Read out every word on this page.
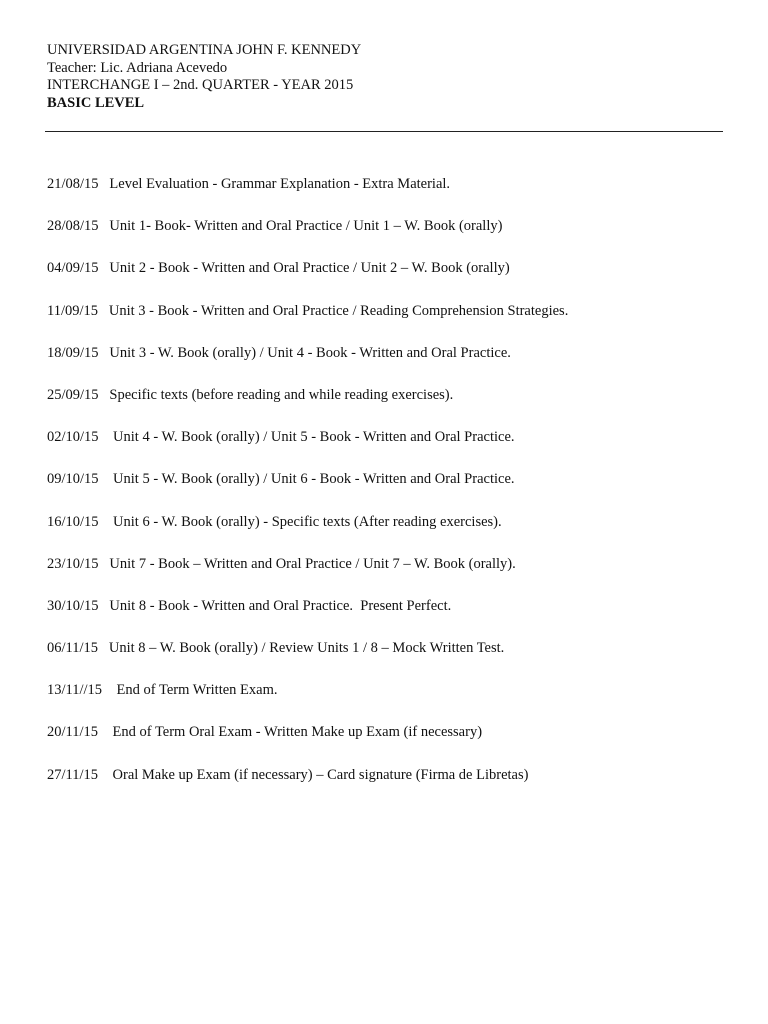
UNIVERSIDAD ARGENTINA JOHN F. KENNEDY
Teacher: Lic. Adriana Acevedo
INTERCHANGE I – 2nd. QUARTER - YEAR 2015
BASIC LEVEL
21/08/15   Level Evaluation - Grammar Explanation - Extra Material.
28/08/15   Unit 1- Book- Written and Oral Practice / Unit 1 – W. Book (orally)
04/09/15   Unit 2 - Book - Written and Oral Practice / Unit 2 – W. Book (orally)
11/09/15   Unit 3 - Book - Written and Oral Practice / Reading Comprehension Strategies.
18/09/15   Unit 3 - W. Book (orally) / Unit 4 - Book - Written and Oral Practice.
25/09/15   Specific texts (before reading and while reading exercises).
02/10/15    Unit 4 - W. Book (orally) / Unit 5 - Book - Written and Oral Practice.
09/10/15    Unit 5 - W. Book (orally) / Unit 6 - Book - Written and Oral Practice.
16/10/15    Unit 6 - W. Book (orally) - Specific texts (After reading exercises).
23/10/15   Unit 7 - Book – Written and Oral Practice / Unit 7 – W. Book (orally).
30/10/15   Unit 8 - Book - Written and Oral Practice.  Present Perfect.
06/11/15   Unit 8 – W. Book (orally) / Review Units 1 / 8 – Mock Written Test.
13/11//15    End of Term Written Exam.
20/11/15    End of Term Oral Exam - Written Make up Exam (if necessary)
27/11/15    Oral Make up Exam (if necessary) – Card signature (Firma de Libretas)
